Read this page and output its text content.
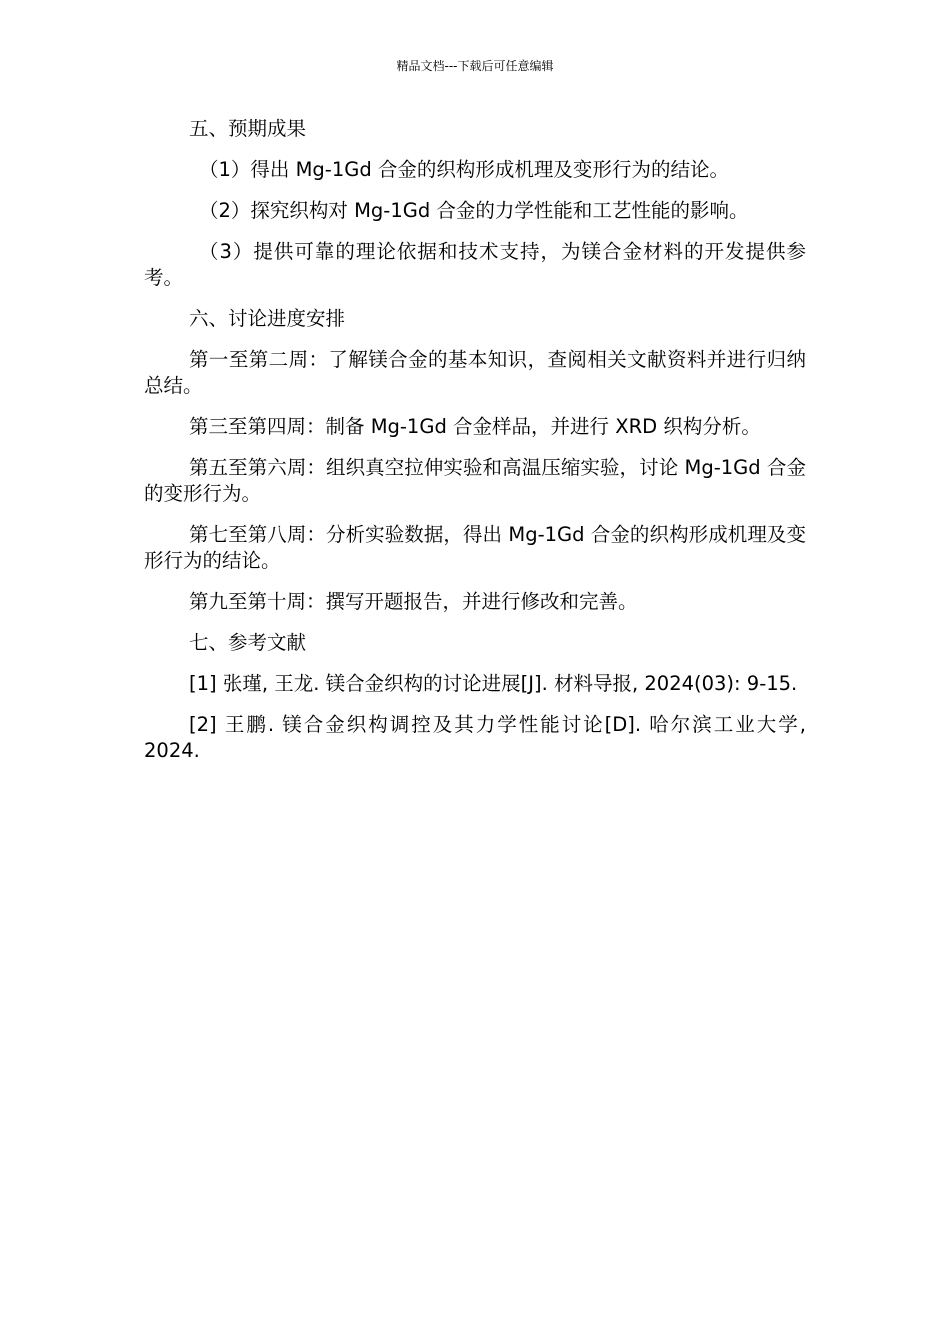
精品文档---下载后可任意编辑

五、预期成果

（1）得出 Mg-1Gd 合金的织构形成机理及变形行为的结论。

（2）探究织构对 Mg-1Gd 合金的力学性能和工艺性能的影响。

（3）提供可靠的理论依据和技术支持，为镁合金材料的开发提供参考。

六、讨论进度安排

第一至第二周：了解镁合金的基本知识，查阅相关文献资料并进行归纳总结。

第三至第四周：制备 Mg-1Gd 合金样品，并进行 XRD 织构分析。

第五至第六周：组织真空拉伸实验和高温压缩实验，讨论 Mg-1Gd 合金的变形行为。

第七至第八周：分析实验数据，得出 Mg-1Gd 合金的织构形成机理及变形行为的结论。

第九至第十周：撰写开题报告，并进行修改和完善。

七、参考文献

[1] 张瑾, 王龙. 镁合金织构的讨论进展[J]. 材料导报, 2024(03): 9-15.

[2] 王鹏. 镁合金织构调控及其力学性能讨论[D]. 哈尔滨工业大学, 2024.
